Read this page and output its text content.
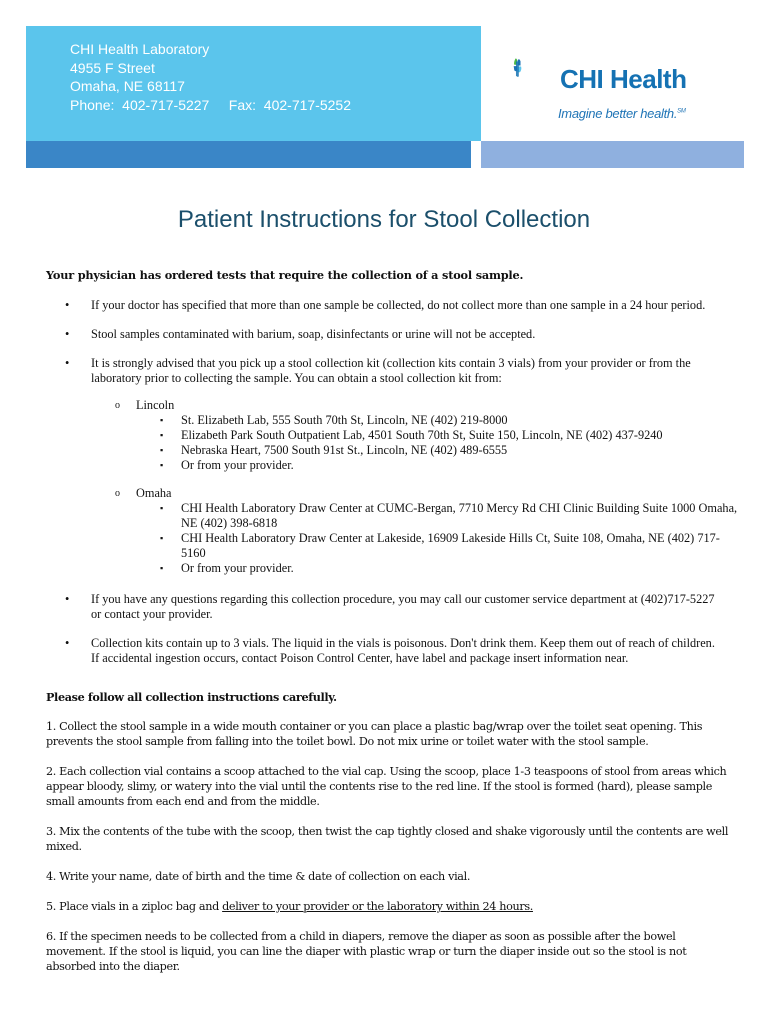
CHI Health Laboratory
4955 F Street
Omaha, NE 68117
Phone:  402-717-5227     Fax:  402-717-5252
CHI Health
Imagine better health.℠
Patient Instructions for Stool Collection
Your physician has ordered tests that require the collection of a stool sample.
• If your doctor has specified that more than one sample be collected, do not collect more than one sample in a 24 hour period.
• Stool samples contaminated with barium, soap, disinfectants or urine will not be accepted.
• It is strongly advised that you pick up a stool collection kit (collection kits contain 3 vials) from your provider or from the laboratory prior to collecting the sample. You can obtain a stool collection kit from:
o Lincoln
▪ St. Elizabeth Lab, 555 South 70th St, Lincoln, NE (402) 219-8000
▪ Elizabeth Park South Outpatient Lab, 4501 South 70th St, Suite 150, Lincoln, NE (402) 437-9240
▪ Nebraska Heart, 7500 South 91st St., Lincoln, NE (402) 489-6555
▪ Or from your provider.
o Omaha
▪ CHI Health Laboratory Draw Center at CUMC-Bergan, 7710 Mercy Rd CHI Clinic Building Suite 1000 Omaha, NE (402) 398-6818
▪ CHI Health Laboratory Draw Center at Lakeside, 16909 Lakeside Hills Ct, Suite 108, Omaha, NE (402) 717-5160
▪ Or from your provider.
• If you have any questions regarding this collection procedure, you may call our customer service department at (402)717-5227 or contact your provider.
• Collection kits contain up to 3 vials. The liquid in the vials is poisonous. Don't drink them. Keep them out of reach of children. If accidental ingestion occurs, contact Poison Control Center, have label and package insert information near.
Please follow all collection instructions carefully.
1. Collect the stool sample in a wide mouth container or you can place a plastic bag/wrap over the toilet seat opening. This prevents the stool sample from falling into the toilet bowl. Do not mix urine or toilet water with the stool sample.
2. Each collection vial contains a scoop attached to the vial cap. Using the scoop, place 1-3 teaspoons of stool from areas which appear bloody, slimy, or watery into the vial until the contents rise to the red line. If the stool is formed (hard), please sample small amounts from each end and from the middle.
3. Mix the contents of the tube with the scoop, then twist the cap tightly closed and shake vigorously until the contents are well mixed.
4. Write your name, date of birth and the time & date of collection on each vial.
5. Place vials in a ziploc bag and deliver to your provider or the laboratory within 24 hours.
6. If the specimen needs to be collected from a child in diapers, remove the diaper as soon as possible after the bowel movement. If the stool is liquid, you can line the diaper with plastic wrap or turn the diaper inside out so the stool is not absorbed into the diaper.
